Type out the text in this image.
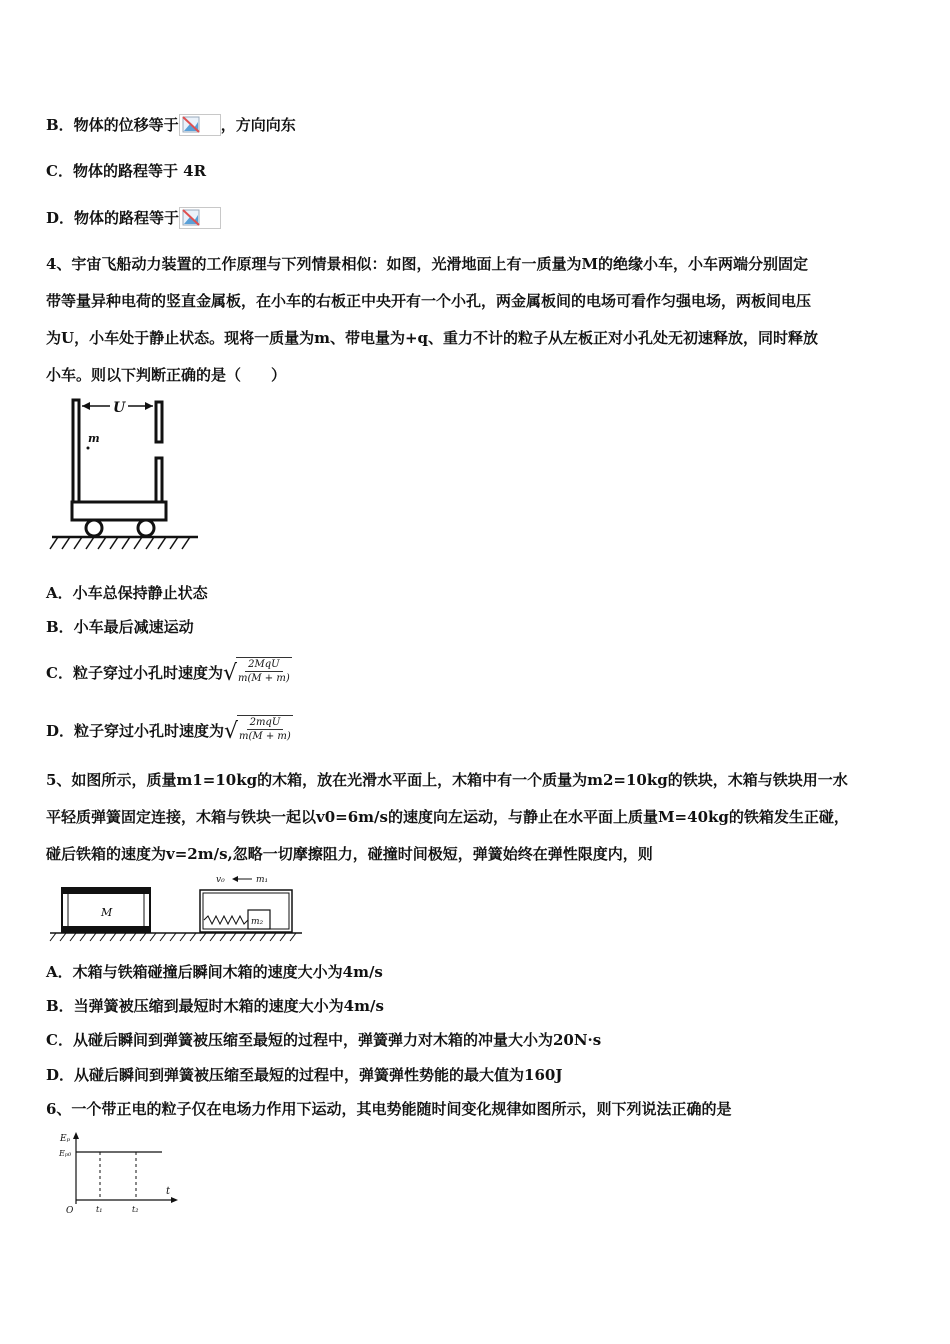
B．物体的位移等于	，方向向东
C．物体的路程等于 4R
D．物体的路程等于
4、宇宙飞船动力装置的工作原理与下列情景相似：如图，光滑地面上有一质量为M的绝缘小车，小车两端分别固定
带等量异种电荷的竖直金属板，在小车的右板正中央开有一个小孔，两金属板间的电场可看作匀强电场，两板间电压
为U，小车处于静止状态。现将一质量为m、带电量为+q、重力不计的粒子从左板正对小孔处无初速释放，同时释放
小车。则以下判断正确的是（　　）
U
m
A．小车总保持静止状态
B．小车最后减速运动
C．粒子穿过小孔时速度为 √ $\frac{\text{2MqU}}{m(M + m)}$
D．粒子穿过小孔时速度为 √ $\frac{\text{2mqU}}{m(M + m)}$
5、如图所示，质量m1=10kg的木箱，放在光滑水平面上，木箱中有一个质量为m2=10kg的铁块，木箱与铁块用一水
平轻质弹簧固定连接，木箱与铁块一起以v0=6m/s的速度向左运动，与静止在水平面上质量M=40kg的铁箱发生正碰，
碰后铁箱的速度为v=2m/s,忽略一切摩擦阻力，碰撞时间极短，弹簧始终在弹性限度内，则
M
m₂
v₀	m₁
A．木箱与铁箱碰撞后瞬间木箱的速度大小为4m/s
B．当弹簧被压缩到最短时木箱的速度大小为4m/s
C．从碰后瞬间到弹簧被压缩至最短的过程中，弹簧弹力对木箱的冲量大小为20N·s
D．从碰后瞬间到弹簧被压缩至最短的过程中，弹簧弹性势能的最大值为160J
6、一个带正电的粒子仅在电场力作用下运动，其电势能随时间变化规律如图所示，则下列说法正确的是
Eₚ
Eₚ₀
O	t₁	t₂
t
